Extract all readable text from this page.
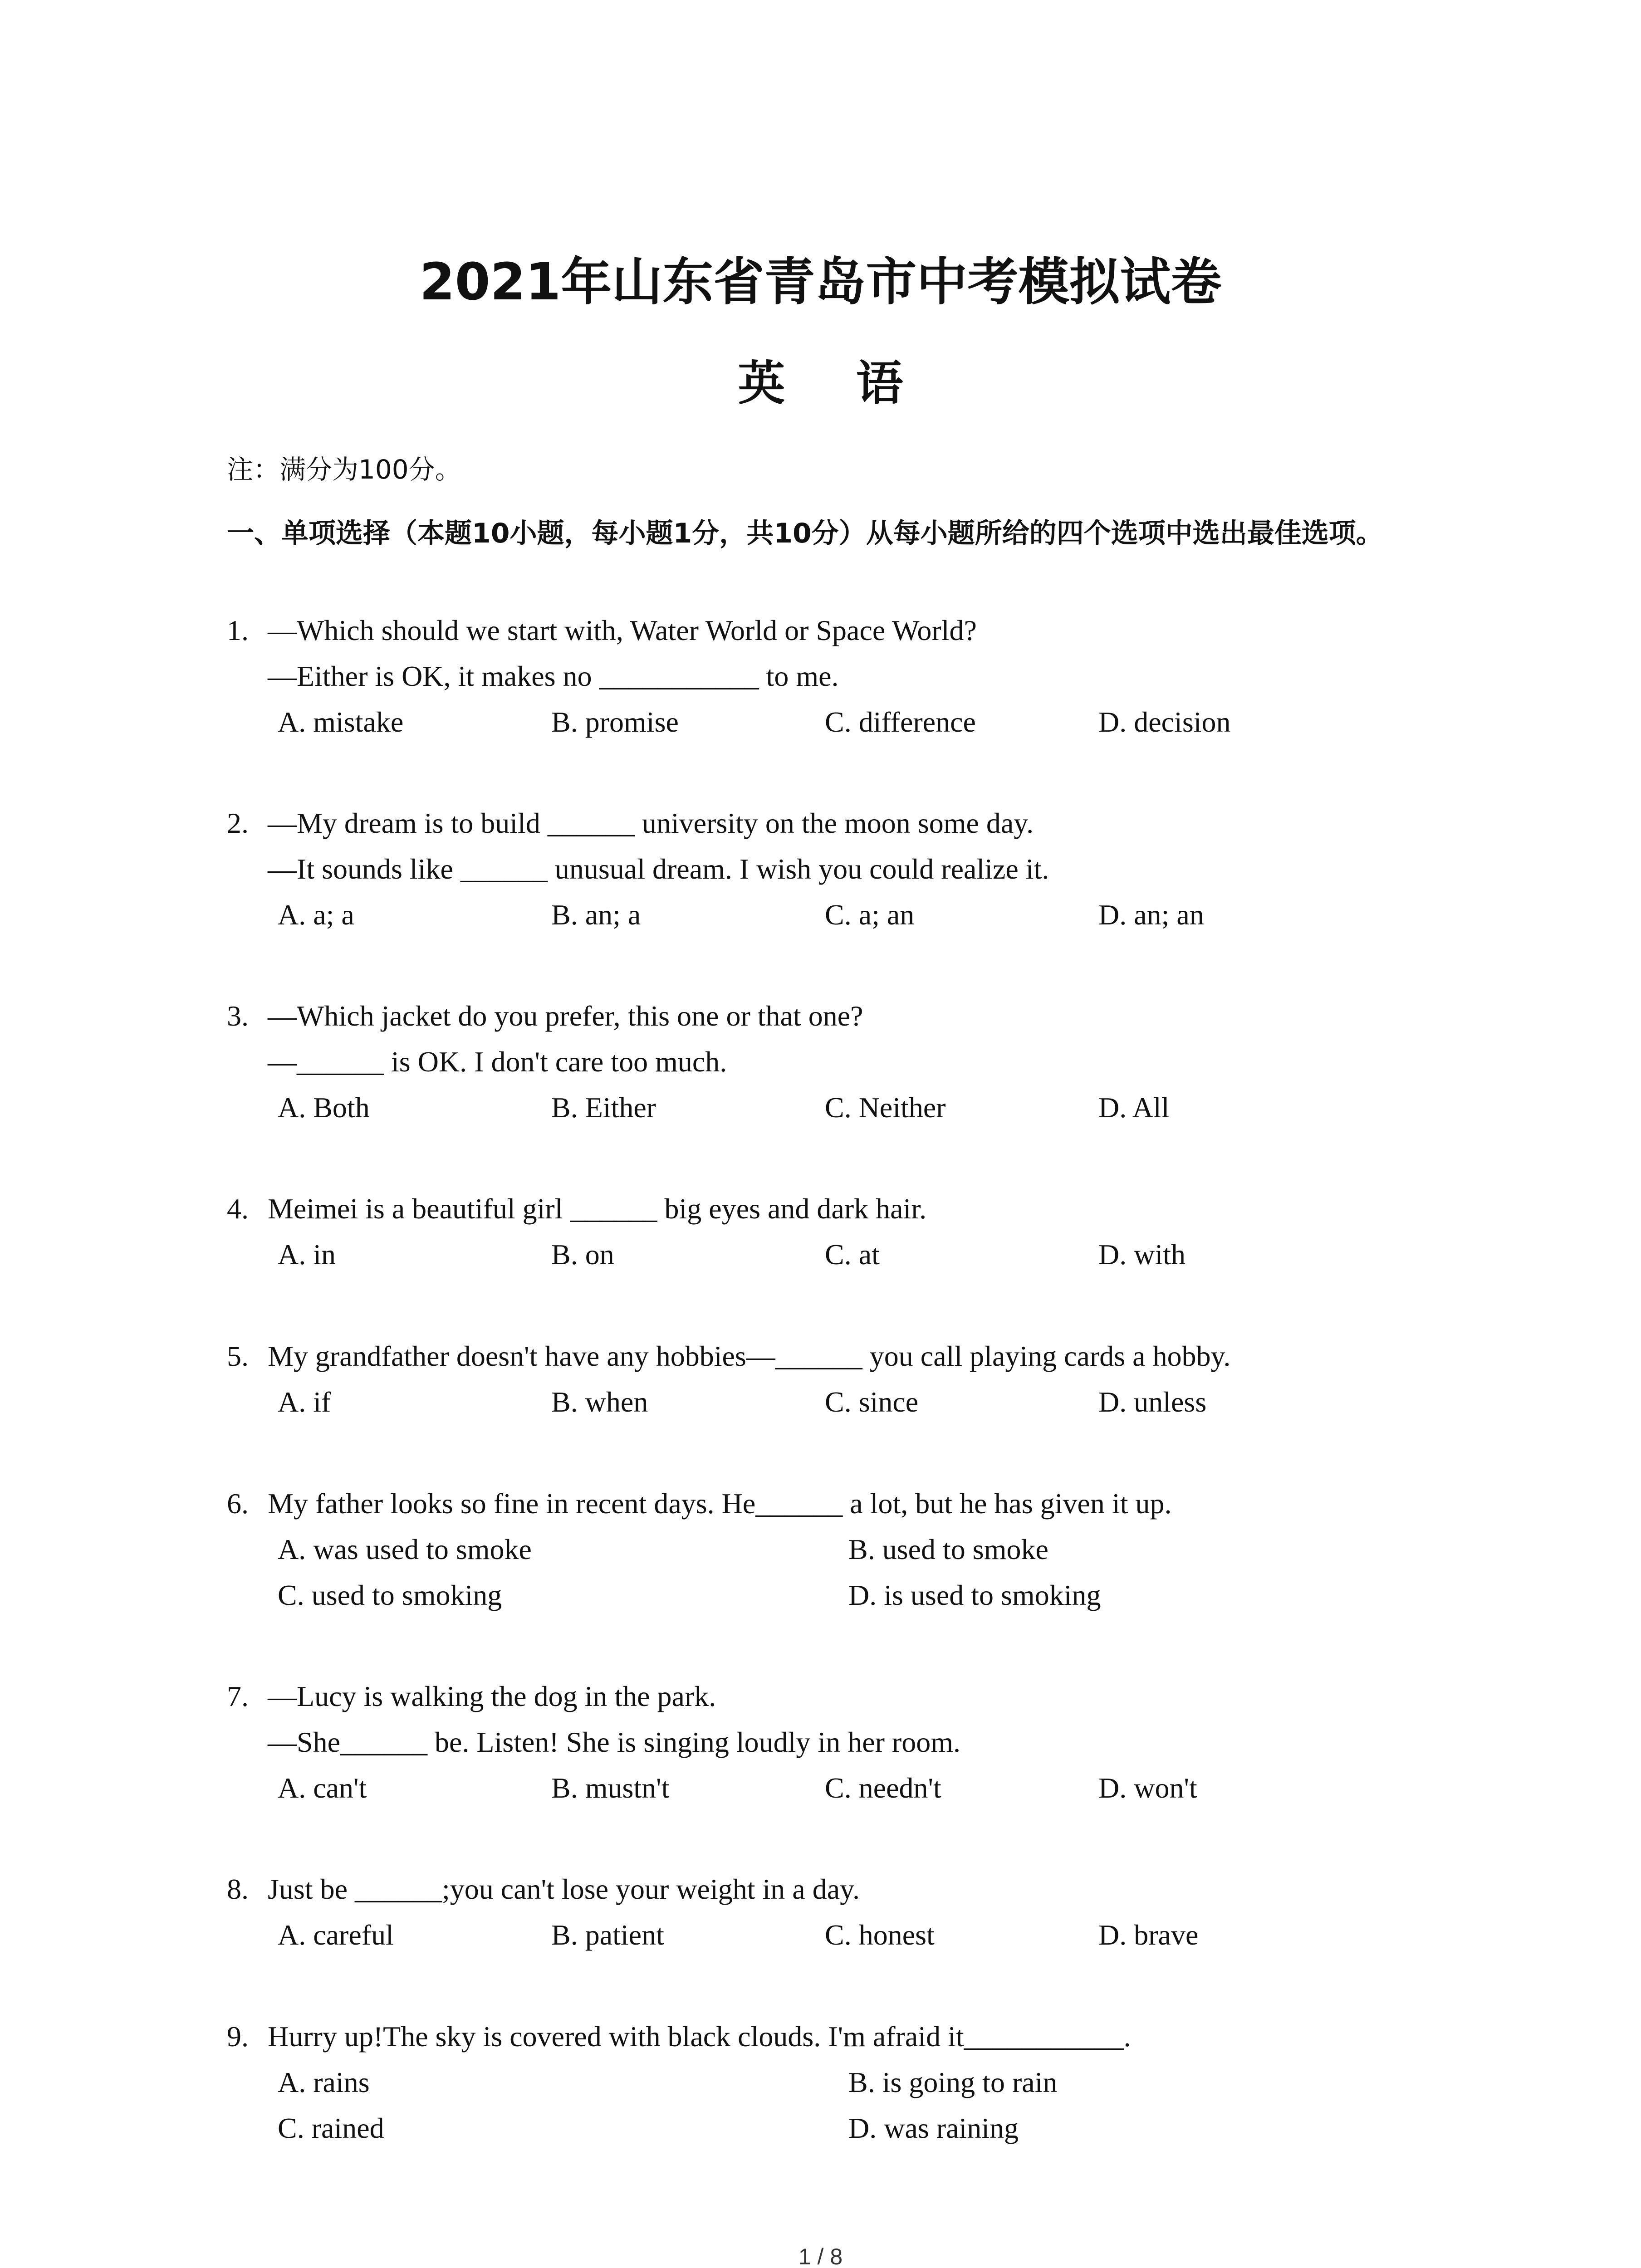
2021年山东省青岛市中考模拟试卷
英 语
注：满分为100分。
一、单项选择（本题10小题，每小题1分，共10分）从每小题所给的四个选项中选出最佳选项。
1. —Which should we start with, Water World or Space World?
—Either is OK, it makes no ___________ to me.
A. mistake	B. promise	C. difference	D. decision
2. —My dream is to build ______ university on the moon some day.
—It sounds like ______ unusual dream. I wish you could realize it.
A. a; a	B. an; a	C. a; an	D. an; an
3. —Which jacket do you prefer, this one or that one?
—______ is OK. I don't care too much.
A. Both	B. Either	C. Neither	D. All
4. Meimei is a beautiful girl ______ big eyes and dark hair.
A. in	B. on	C. at	D. with
5. My grandfather doesn't have any hobbies—______ you call playing cards a hobby.
A. if	B. when	C. since	D. unless
6. My father looks so fine in recent days. He______ a lot, but he has given it up.
A. was used to smoke	B. used to smoke
C. used to smoking	D. is used to smoking
7. —Lucy is walking the dog in the park.
—She______ be. Listen! She is singing loudly in her room.
A. can't	B. mustn't	C. needn't	D. won't
8. Just be ______;you can't lose your weight in a day.
A. careful	B. patient	C. honest	D. brave
9. Hurry up!The sky is covered with black clouds. I'm afraid it___________.
A. rains	B. is going to rain
C. rained	D. was raining
1 / 8
